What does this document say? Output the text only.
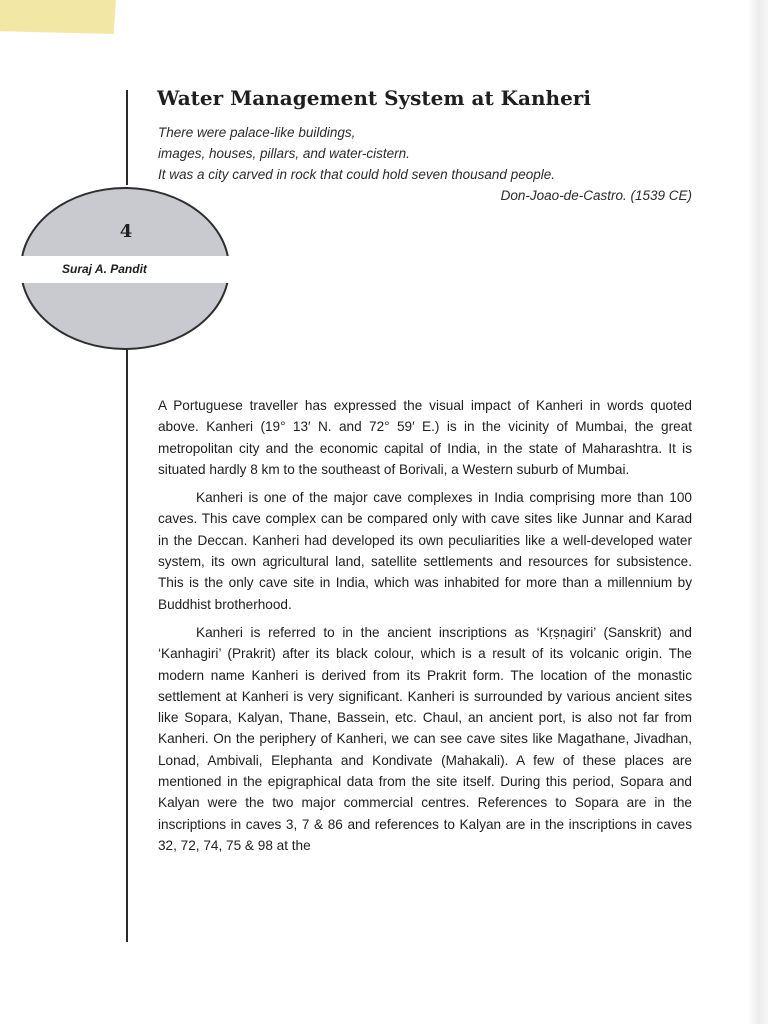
Water Management System at Kanheri
There were palace-like buildings,
images, houses, pillars, and water-cistern.
It was a city carved in rock that could hold seven thousand people.
Don-Joao-de-Castro. (1539 CE)
4
Suraj A. Pandit

A Portuguese traveller has expressed the visual impact of Kanheri in words quoted above. Kanheri (19° 13′ N. and 72° 59′ E.) is in the vicinity of Mumbai, the great metropolitan city and the economic capital of India, in the state of Maharashtra. It is situated hardly 8 km to the southeast of Borivali, a Western suburb of Mumbai.

Kanheri is one of the major cave complexes in India comprising more than 100 caves. This cave complex can be compared only with cave sites like Junnar and Karad in the Deccan. Kanheri had developed its own peculiarities like a well-developed water system, its own agricultural land, satellite settlements and resources for subsistence. This is the only cave site in India, which was inhabited for more than a millennium by Buddhist brotherhood.

Kanheri is referred to in the ancient inscriptions as ‘Kṛṣṇagiri’ (Sanskrit) and ‘Kanhagiri’ (Prakrit) after its black colour, which is a result of its volcanic origin. The modern name Kanheri is derived from its Prakrit form. The location of the monastic settlement at Kanheri is very significant. Kanheri is surrounded by various ancient sites like Sopara, Kalyan, Thane, Bassein, etc. Chaul, an ancient port, is also not far from Kanheri. On the periphery of Kanheri, we can see cave sites like Magathane, Jivadhan, Lonad, Ambivali, Elephanta and Kondivate (Mahakali). A few of these places are mentioned in the epigraphical data from the site itself. During this period, Sopara and Kalyan were the two major commercial centres. References to Sopara are in the inscriptions in caves 3, 7 & 86 and references to Kalyan are in the inscriptions in caves 32, 72, 74, 75 & 98 at the
